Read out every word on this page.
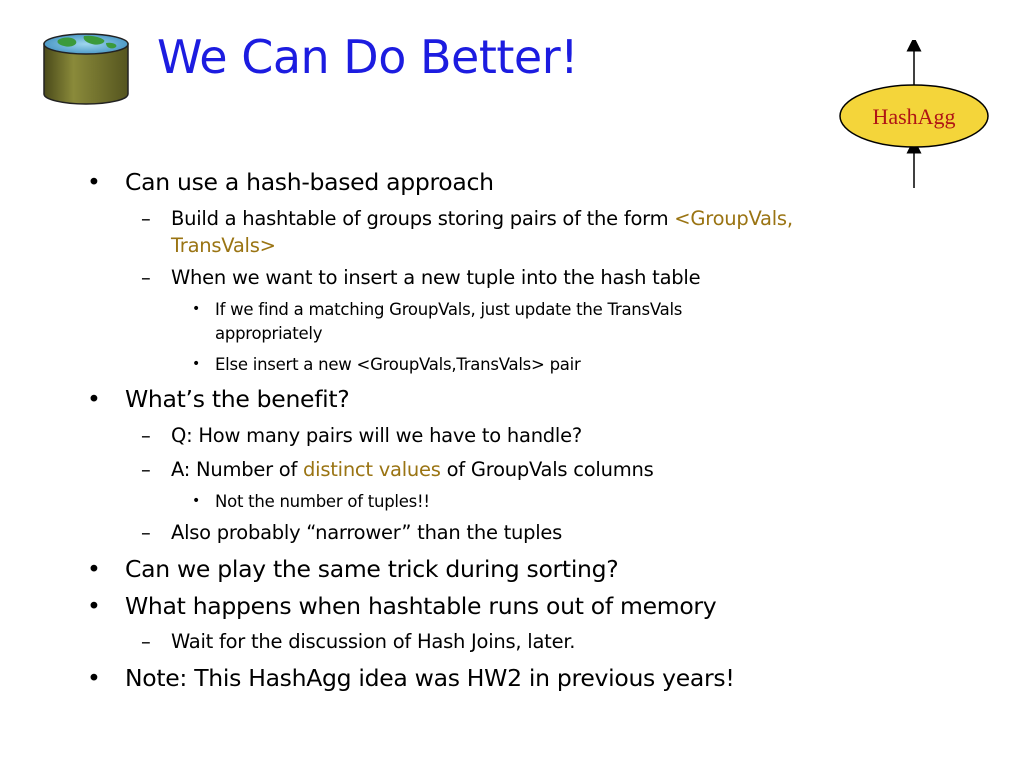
We Can Do Better!
HashAgg
• Can use a hash-based approach
– Build a hashtable of groups storing pairs of the form <GroupVals,
TransVals>
– When we want to insert a new tuple into the hash table
• If we find a matching GroupVals, just update the TransVals
appropriately
• Else insert a new <GroupVals,TransVals> pair
• What’s the benefit?
– Q: How many pairs will we have to handle?
– A: Number of distinct values of GroupVals columns
• Not the number of tuples!!
– Also probably “narrower” than the tuples
• Can we play the same trick during sorting?
• What happens when hashtable runs out of memory
– Wait for the discussion of Hash Joins, later.
• Note: This HashAgg idea was HW2 in previous years!
